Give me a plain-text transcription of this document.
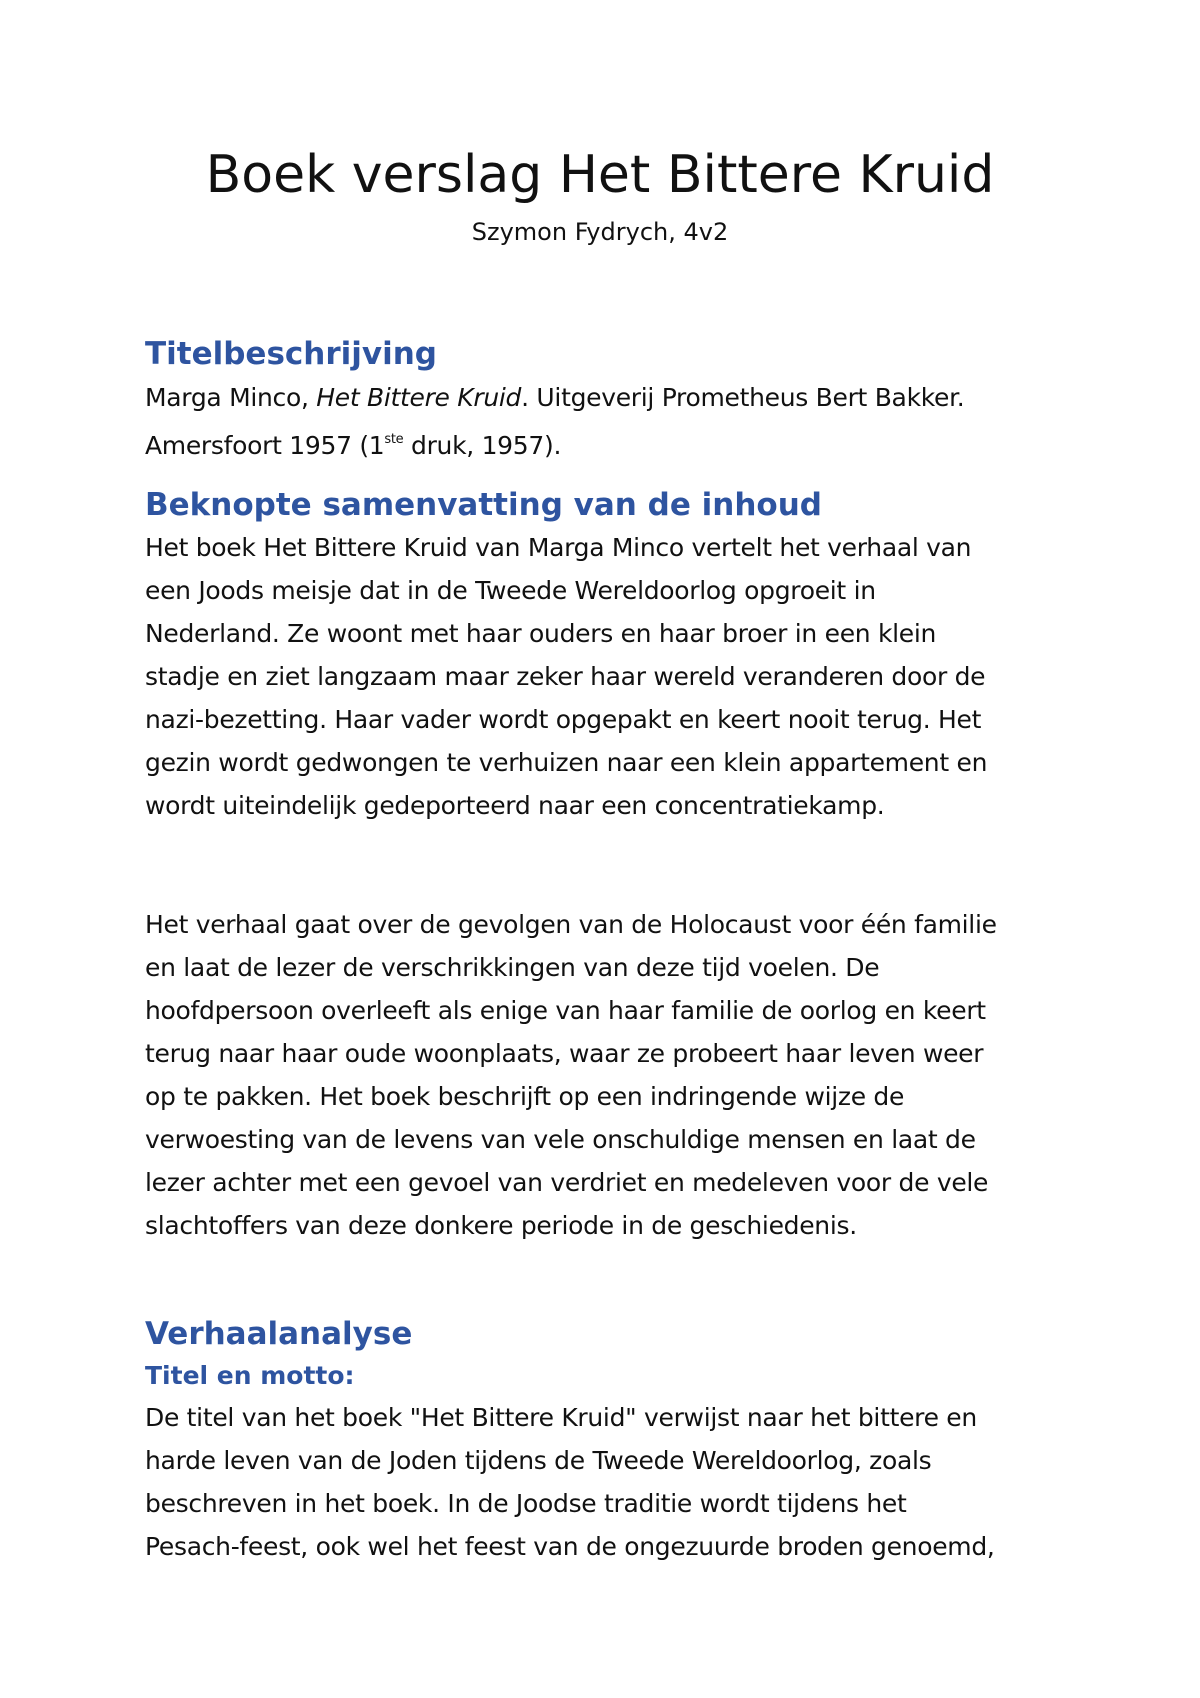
Boek verslag Het Bittere Kruid
Szymon Fydrych, 4v2
Titelbeschrijving
Marga Minco, Het Bittere Kruid. Uitgeverij Prometheus Bert Bakker.
Amersfoort 1957 (1ste druk, 1957).
Beknopte samenvatting van de inhoud
Het boek Het Bittere Kruid van Marga Minco vertelt het verhaal van
een Joods meisje dat in de Tweede Wereldoorlog opgroeit in
Nederland. Ze woont met haar ouders en haar broer in een klein
stadje en ziet langzaam maar zeker haar wereld veranderen door de
nazi-bezetting. Haar vader wordt opgepakt en keert nooit terug. Het
gezin wordt gedwongen te verhuizen naar een klein appartement en
wordt uiteindelijk gedeporteerd naar een concentratiekamp.
Het verhaal gaat over de gevolgen van de Holocaust voor één familie
en laat de lezer de verschrikkingen van deze tijd voelen. De
hoofdpersoon overleeft als enige van haar familie de oorlog en keert
terug naar haar oude woonplaats, waar ze probeert haar leven weer
op te pakken. Het boek beschrijft op een indringende wijze de
verwoesting van de levens van vele onschuldige mensen en laat de
lezer achter met een gevoel van verdriet en medeleven voor de vele
slachtoffers van deze donkere periode in de geschiedenis.
Verhaalanalyse
Titel en motto:
De titel van het boek "Het Bittere Kruid" verwijst naar het bittere en
harde leven van de Joden tijdens de Tweede Wereldoorlog, zoals
beschreven in het boek. In de Joodse traditie wordt tijdens het
Pesach-feest, ook wel het feest van de ongezuurde broden genoemd,
